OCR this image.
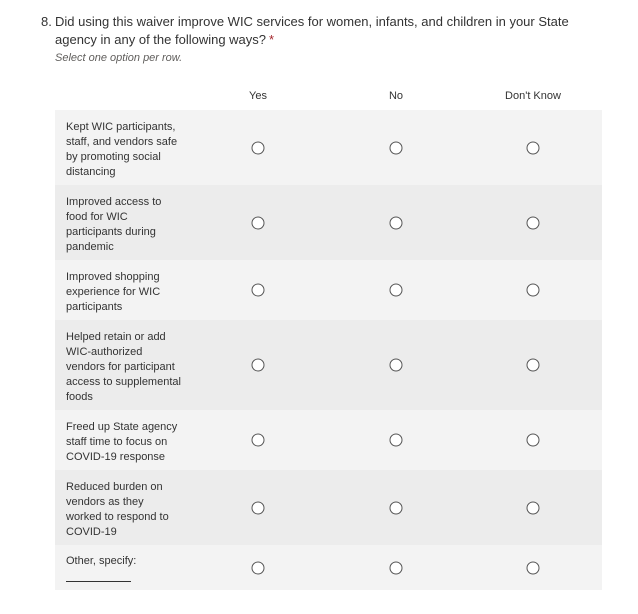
8. Did using this waiver improve WIC services for women, infants, and children in your State agency in any of the following ways? *
Select one option per row.
Yes	No	Don't Know
Kept WIC participants, staff, and vendors safe by promoting social distancing
Improved access to food for WIC participants during pandemic
Improved shopping experience for WIC participants
Helped retain or add WIC-authorized vendors for participant access to supplemental foods
Freed up State agency staff time to focus on COVID-19 response
Reduced burden on vendors as they worked to respond to COVID-19
Other, specify:
